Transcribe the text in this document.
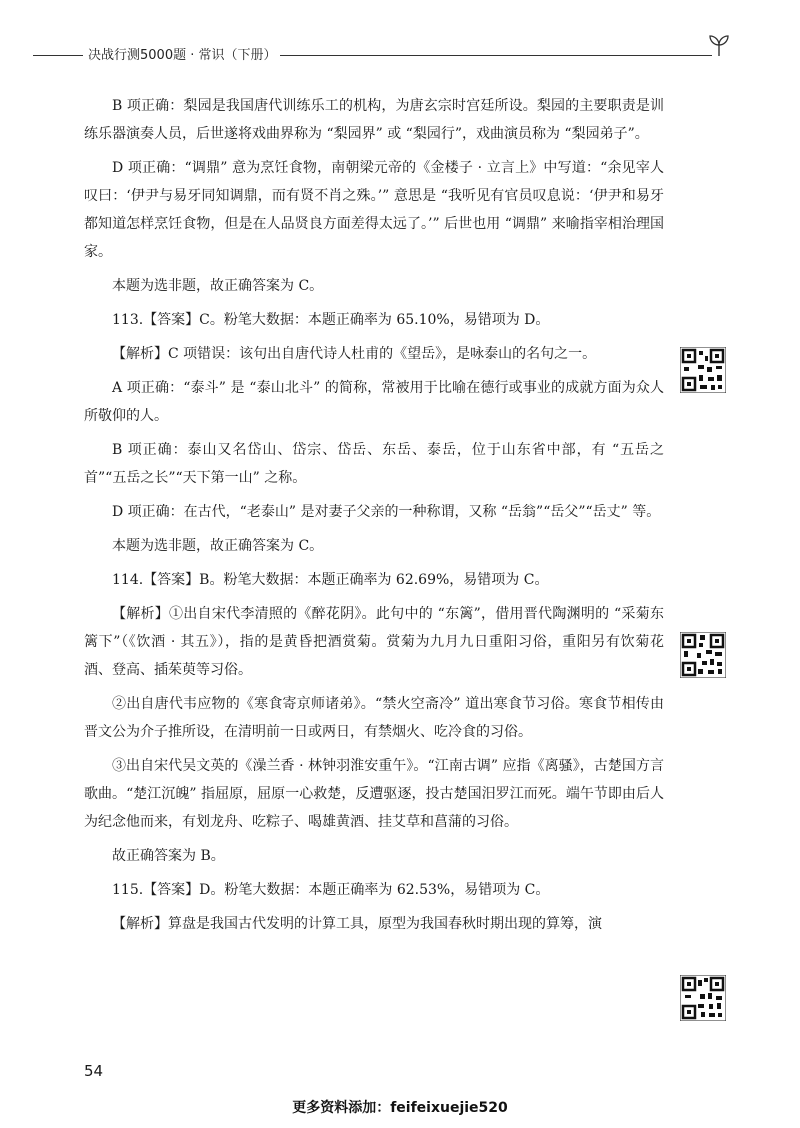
决战行测5000题 · 常识（下册）

B 项正确：梨园是我国唐代训练乐工的机构，为唐玄宗时宫廷所设。梨园的主要职责是训练乐器演奏人员，后世遂将戏曲界称为 “梨园界” 或 “梨园行”，戏曲演员称为 “梨园弟子”。

D 项正确：“调鼎” 意为烹饪食物，南朝梁元帝的《金楼子 · 立言上》中写道：“余见宰人叹曰：‘伊尹与易牙同知调鼎，而有贤不肖之殊。’” 意思是 “我听见有官员叹息说：‘伊尹和易牙都知道怎样烹饪食物，但是在人品贤良方面差得太远了。’” 后世也用 “调鼎” 来喻指宰相治理国家。

本题为选非题，故正确答案为 C。

113.【答案】C。粉笔大数据：本题正确率为 65.10%，易错项为 D。

【解析】C 项错误：该句出自唐代诗人杜甫的《望岳》，是咏泰山的名句之一。

A 项正确：“泰斗” 是 “泰山北斗” 的简称，常被用于比喻在德行或事业的成就方面为众人所敬仰的人。

B 项正确：泰山又名岱山、岱宗、岱岳、东岳、泰岳，位于山东省中部，有 “五岳之首”“五岳之长”“天下第一山” 之称。

D 项正确：在古代，“老泰山” 是对妻子父亲的一种称谓，又称 “岳翁”“岳父”“岳丈” 等。

本题为选非题，故正确答案为 C。

114.【答案】B。粉笔大数据：本题正确率为 62.69%，易错项为 C。

【解析】①出自宋代李清照的《醉花阴》。此句中的 “东篱”，借用晋代陶渊明的 “采菊东篱下”（《饮酒 · 其五》），指的是黄昏把酒赏菊。赏菊为九月九日重阳习俗，重阳另有饮菊花酒、登高、插茱萸等习俗。

②出自唐代韦应物的《寒食寄京师诸弟》。“禁火空斋冷” 道出寒食节习俗。寒食节相传由晋文公为介子推所设，在清明前一日或两日，有禁烟火、吃冷食的习俗。

③出自宋代吴文英的《澡兰香 · 林钟羽淮安重午》。“江南古调” 应指《离骚》，古楚国方言歌曲。“楚江沉魄” 指屈原，屈原一心救楚，反遭驱逐，投古楚国汨罗江而死。端午节即由后人为纪念他而来，有划龙舟、吃粽子、喝雄黄酒、挂艾草和菖蒲的习俗。

故正确答案为 B。

115.【答案】D。粉笔大数据：本题正确率为 62.53%，易错项为 C。

【解析】算盘是我国古代发明的计算工具，原型为我国春秋时期出现的算筹，演

54
更多资料添加：feifeixuejie520
